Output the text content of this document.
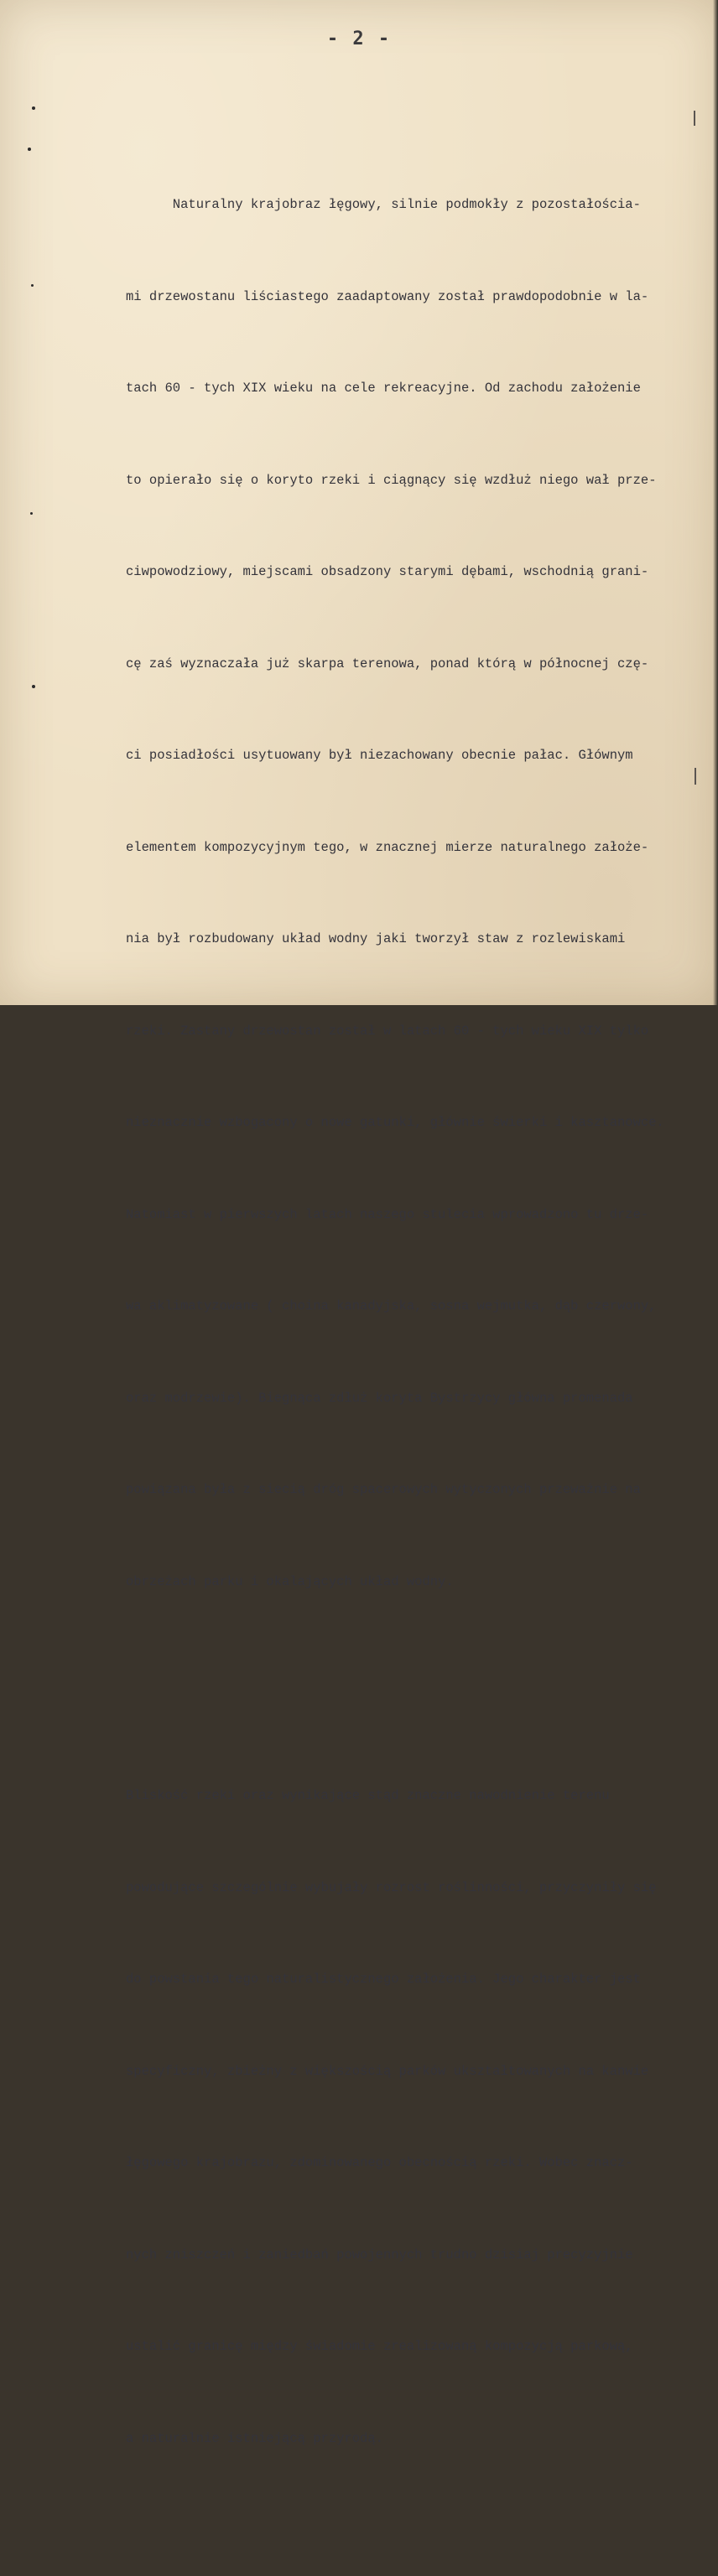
- 2 -

Naturalny krajobraz łęgowy, silnie podmokły z pozostałościa-

mi drzewostanu liściastego zaadaptowany został prawdopodobnie w la-

tach 60 - tych XIX wieku na cele rekreacyjne. Od zachodu założenie

to opierało się o koryto rzeki i ciągnący się wzdłuż niego wał prze-

ciwpowodziowy, miejscami obsadzony starymi dębami, wschodnią grani-

cę zaś wyznaczała już skarpa terenowa, ponad którą w północnej czę-

ci posiadłości usytuowany był niezachowany obecnie pałac. Głównym

elementem kompozycyjnym tego, w znacznej mierze naturalnego założe-

nia był rozbudowany układ wodny jaki tworzył staw z rozlewiskami

rzeki. Zastany drzewostan został w latach 60 - tych wieku XIX tylko

nieznacznie wzbogacony o nowe gatunki, głównie świerki i kasztanowce.

Natomiast w pierwszych latach naszego stulecia wprowadzono tu drze-

wa aklimatyzowane ( choina kanadyjska, sosna wejmutka, dąb czerwony,

oraz modrzewie). Biegnąca zdłuż koryta Bystrzycy główna promenada

powiązana była z siecią dróg spacerowych wytyczonych przeważnie na

obrzeżach parku i okalających układ wodny.

Bliskość rzeki oraz wynikające stąd znaczne nawodnienie terenu

powodujące szczególnie wybujały rozrost roślinności, przyczyniły się

do powstania tego naturalistycznego założenia. Jego charakter jest

specyficzny, zbieżny z większością parków ukształtowanych na kanwie

łęgowego krajobrazu, zdominowanego obecnością rzeki. Wobec znacz-

nych zniszczeń i zaniedbań powojennych trudno dzisiaj precyzyjnie

ustalić granicę między świadomie zrealizowaną kompozycją parkową,

a naturalnie istniejącą przyrodą.
